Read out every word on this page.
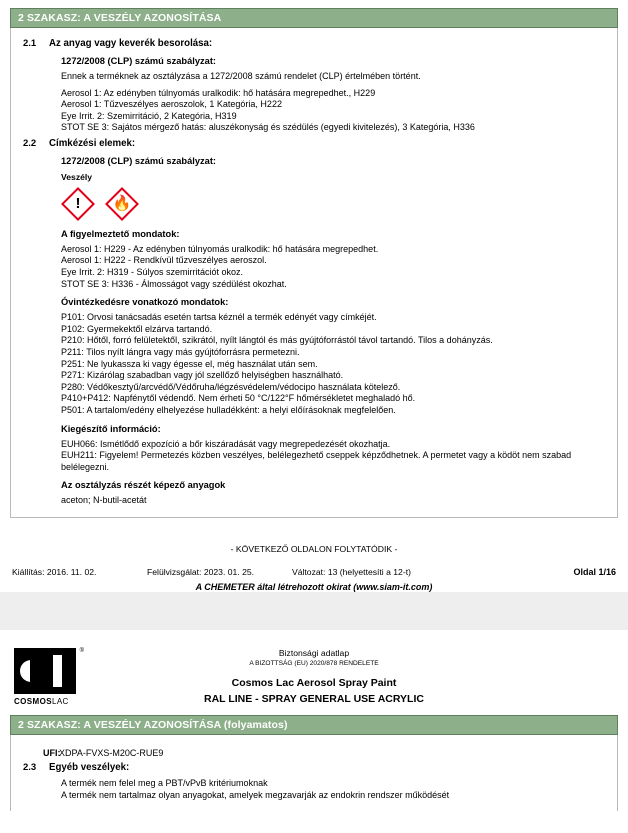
2 SZAKASZ: A VESZÉLY AZONOSÍTÁSA
2.1	Az anyag vagy keverék besorolása:
1272/2008 (CLP) számú szabályzat:
Ennek a terméknek az osztályzása a 1272/2008 számú rendelet (CLP) értelmében történt.
Aerosol 1: Az edényben túlnyomás uralkodik: hő hatására megrepedhet., H229
Aerosol 1: Tűzveszélyes aeroszolok, 1 Kategória, H222
Eye Irrit. 2: Szemirritáció, 2 Kategória, H319
STOT SE 3: Sajátos mérgező hatás: aluszékonyság és szédülés (egyedi kivitelezés), 3 Kategória, H336
2.2	Címkézési elemek:
1272/2008 (CLP) számú szabályzat:
Veszély
!	🔥
A figyelmeztető mondatok:
Aerosol 1: H229 - Az edényben túlnyomás uralkodik: hő hatására megrepedhet.
Aerosol 1: H222 - Rendkívül tűzveszélyes aeroszol.
Eye Irrit. 2: H319 - Súlyos szemirritációt okoz.
STOT SE 3: H336 - Álmosságot vagy szédülést okozhat.
Óvintézkedésre vonatkozó mondatok:
P101: Orvosi tanácsadás esetén tartsa kéznél a termék edényét vagy címkéjét.
P102: Gyermekektől elzárva tartandó.
P210: Hőtől, forró felületektől, szikrától, nyílt lángtól és más gyújtóforrástól távol tartandó. Tilos a dohányzás.
P211: Tilos nyílt lángra vagy más gyújtóforrásra permetezni.
P251: Ne lyukassza ki vagy égesse el, még használat után sem.
P271: Kizárólag szabadban vagy jól szellőző helyiségben használható.
P280: Védőkesztyű/arcvédő/Védőruha/légzésvédelem/védocipo használata kötelező.
P410+P412: Napfénytől védendő. Nem érheti 50 °C/122°F hőmérsékletet meghaladó hő.
P501: A tartalom/edény elhelyezése hulladékként: a helyi előírásoknak megfelelően.
Kiegészítő információ:
EUH066: Ismétlődő expozíció a bőr kiszáradását vagy megrepedezését okozhatja.
EUH211: Figyelem! Permetezés közben veszélyes, belélegezhető cseppek képződhetnek. A permetet vagy a ködöt nem szabad belélegezni.
Az osztályzás részét képező anyagok
aceton; N-butil-acetát
- KÖVETKEZŐ OLDALON FOLYTATÓDIK -
Kiállítás: 2016. 11. 02.	Felülvizsgálat: 2023. 01. 25.	Változat: 13 (helyettesíti a 12-t)	Oldal 1/16
A CHEMETER által létrehozott okirat (www.siam-it.com)
®
COSMOSLAC
Biztonsági adatlap
A BIZOTTSÁG (EU) 2020/878 RENDELETE
Cosmos Lac Aerosol Spray Paint
RAL LINE - SPRAY GENERAL USE ACRYLIC
2 SZAKASZ: A VESZÉLY AZONOSÍTÁSA (folyamatos)
UFI:
XDPA-FVXS-M20C-RUE9
2.3	Egyéb veszélyek:
A termék nem felel meg a PBT/vPvB kritériumoknak
A termék nem tartalmaz olyan anyagokat, amelyek megzavarják az endokrin rendszer működését
